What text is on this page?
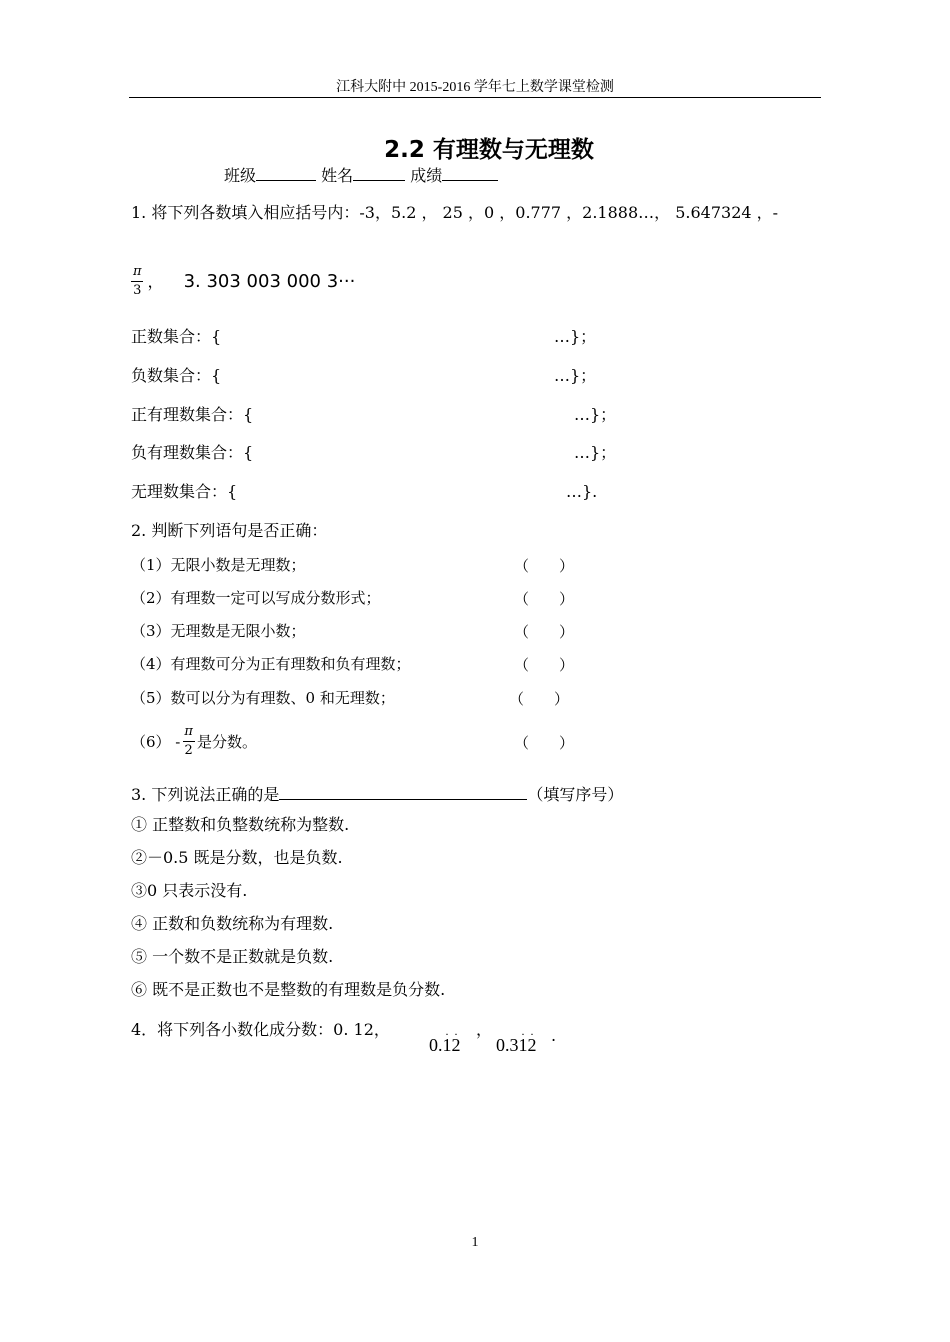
江科大附中 2015-2016 学年七上数学课堂检测
2.2 有理数与无理数
班级	姓名	成绩
1. 将下列各数填入相应括号内：-3，5.2 ， 25 ，0 ，0.777 ，2.1888…， 5.647324 ，-
$\frac{\pi}{3}$ ， 3. 303 003 000 3···
正数集合：{	…}；
负数集合：{	…}；
正有理数集合：{	…}；
负有理数集合：{	…}；
无理数集合：{	…}.
2. 判断下列语句是否正确：
（1）无限小数是无理数；	（　　）
（2）有理数一定可以写成分数形式；	（　　）
（3）无理数是无限小数；	（　　）
（4）有理数可分为正有理数和负有理数；	（　　）
（5）数可以分为有理数、0 和无理数；	（　　）
$(6) - \frac{\pi}{2}$ 是分数。	（　　）
3. 下列说法正确的是	（填写序号）
① 正整数和负整数统称为整数.
②－0.5 既是分数，也是负数.
③0 只表示没有.
④ 正数和负数统称为有理数.
⑤ 一个数不是正数就是负数.
⑥ 既不是正数也不是整数的有理数是负分数.
4．将下列各小数化成分数：0. 12，
0.· 1· 2
，
0.3· 1· 2 .
1
